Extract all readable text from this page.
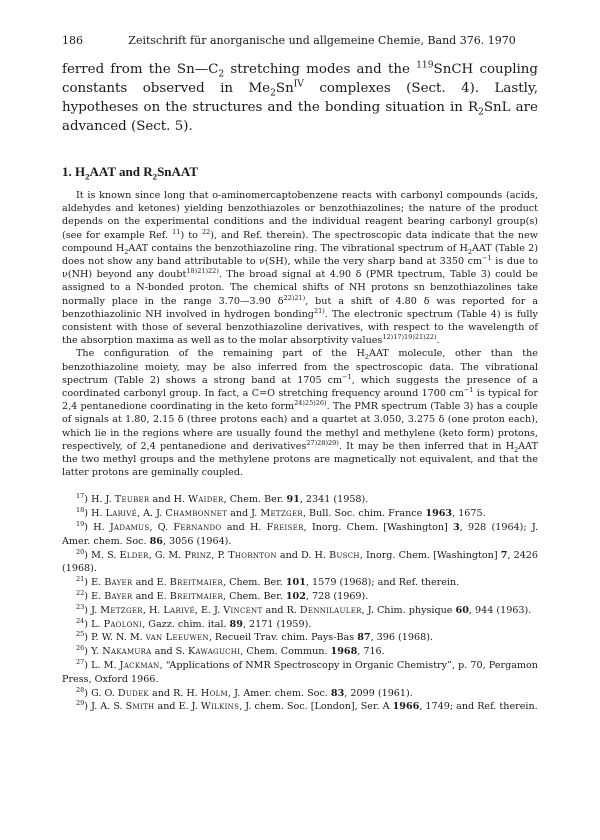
186	Zeitschrift für anorganische und allgemeine Chemie, Band 376. 1970
ferred from the $Sn—C_2$ stretching modes and the $^{119}$SnCH coupling constants observed in $Me_2Sn^{IV}$ complexes (Sect. 4). Lastly, hypotheses on the structures and the bonding situation in $R_2SnL$ are advanced (Sect. 5).
1. $H_2AAT$ and $R_2SnAAT$

It is known since long that o-aminomercaptobenzene reacts with carbonyl compounds (acids, aldehydes and ketones) yielding benzothiazoles or benzothiazolines; the nature of the product depends on the experimental conditions and the individual reagent bearing carbonyl group(s) (see for example Ref. $^{11}$) to $^{22}$), and Ref. therein). The spectroscopic data indicate that the new compound $H_2AAT$ contains the benzothiazoline ring. The vibrational spectrum of $H_2AAT$ (Table 2) does not show any band attributable to ν(SH), while the very sharp band at 3350 $cm^{-1}$ is due to ν(NH) beyond any doubt$^{18)21)22)}$. The broad signal at 4.90 δ (PMR tpectrum, Table 3) could be assigned to a N-bonded proton. The chemical shifts of NH protons sn benzothiazolines take normally place in the range 3.70—3.90 $\delta^{22)21)}$, but a shift of 4.80 δ was reported for a benzothiazolinic NH involved in hydrogen bonding$^{21)}$. The electronic spectrum (Table 4) is fully consistent with those of several benzothiazoline derivatives, with respect to the wavelength of the absorption maxima as well as to the molar absorptivity values$^{12)17)19)21)22)}$.

The configuration of the remaining part of the $H_2AAT$ molecule, other than the benzothiazoline moiety, may be also inferred from the spectroscopic data. The vibrational spectrum (Table 2) shows a strong band at 1705 $cm^{-1}$, which suggests the presence of a coordinated carbonyl group. In fact, a C=O stretching frequency around 1700 $cm^{-1}$ is typical for 2,4 pentanedione coordinating in the keto form$^{24)25)26)}$. The PMR spectrum (Table 3) has a couple of signals at 1.80, 2.15 δ (three protons each) and a quartet at 3.050, 3.275 δ (one proton each), which lie in the regions where are usually found the methyl and methylene (keto form) protons, respectively, of 2,4 pentanedione and derivatives$^{27)28)29)}$. It may be then inferred that in $H_2AAT$ the two methyl groups and the methylene protons are magnetically not equivalent, and that the latter protons are geminally coupled.

$^{17}$) H. J. Teuber and H. Waider, Chem. Ber. 91, 2341 (1958).
$^{18}$) H. Larivé, A. J. Chambonnet and J. Metzger, Bull. Soc. chim. France 1963, 1675.
$^{19}$) H. Jadamus, Q. Fernando and H. Freiser, Inorg. Chem. [Washington] 3, 928 (1964); J. Amer. chem. Soc. 86, 3056 (1964).
$^{20}$) M. S. Elder, G. M. Prinz, P. Thornton and D. H. Busch, Inorg. Chem. [Washington] 7, 2426 (1968).
$^{21}$) E. Bayer and E. Breitmaier, Chem. Ber. 101, 1579 (1968); and Ref. therein.
$^{22}$) E. Bayer and E. Breitmaier, Chem. Ber. 102, 728 (1969).
$^{23}$) J. Metzger, H. Larivé, E. J. Vincent and R. Dennilauler, J. Chim. physique 60, 944 (1963).
$^{24}$) L. Paoloni, Gazz. chim. ital. 89, 2171 (1959).
$^{25}$) P. W. N. M. van Leeuwen, Recueil Trav. chim. Pays-Bas 87, 396 (1968).
$^{26}$) Y. Nakamura and S. Kawaguchi, Chem. Commun. 1968, 716.
$^{27}$) L. M. Jackman, “Applications of NMR Spectroscopy in Organic Chemistry”, p. 70, Pergamon Press, Oxford 1966.
$^{28}$) G. O. Dudek and R. H. Holm, J. Amer. chem. Soc. 83, 2099 (1961).
$^{29}$) J. A. S. Smith and E. J. Wilkins, J. chem. Soc. [London], Ser. A 1966, 1749; and Ref. therein.
